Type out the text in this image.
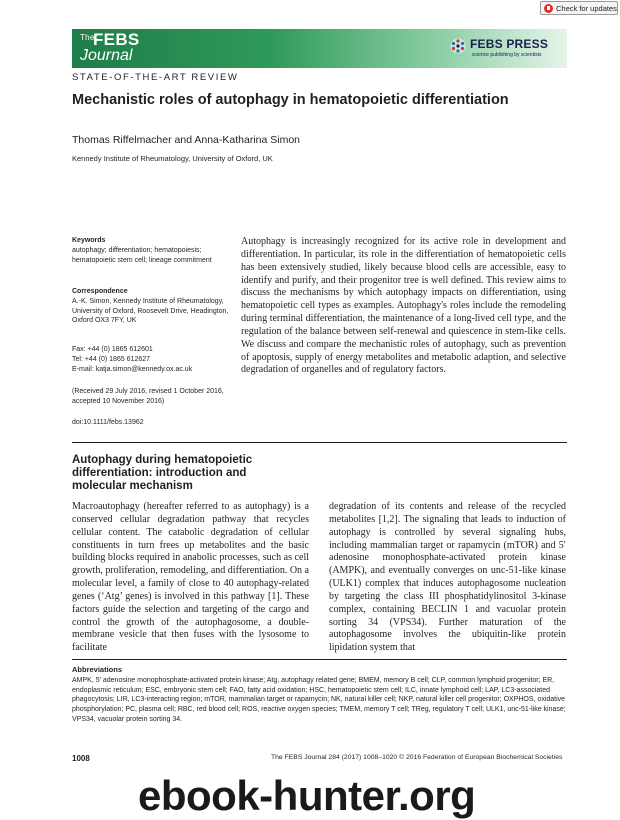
Check for updates
The
FEBS
Journal
FEBS PRESS
science publishing by scientists
STATE-OF-THE-ART REVIEW
Mechanistic roles of autophagy in hematopoietic differentiation
Thomas Riffelmacher and Anna-Katharina Simon
Kennedy Institute of Rheumatology, University of Oxford, UK
Keywords
autophagy; differentiation; hematopoiesis; hematopoietic stem cell; lineage commitment
Correspondence
A.-K. Simon, Kennedy Institute of Rheumatology, University of Oxford, Roosevelt Drive, Headington, Oxford OX3 7FY, UK
Fax: +44 (0) 1865 612601
Tel: +44 (0) 1865 612627
E-mail: katja.simon@kennedy.ox.ac.uk
(Received 29 July 2016, revised 1 October 2016, accepted 10 November 2016)
doi:10.1111/febs.13962
Autophagy is increasingly recognized for its active role in development and differentiation. In particular, its role in the differentiation of hematopoietic cells has been extensively studied, likely because blood cells are accessible, easy to identify and purify, and their progenitor tree is well defined. This review aims to discuss the mechanisms by which autophagy impacts on differentiation, using hematopoietic cell types as examples. Autophagy's roles include the remodeling during terminal differentiation, the maintenance of a long-lived cell type, and the regulation of the balance between self-renewal and quiescence in stem-like cells. We discuss and compare the mechanistic roles of autophagy, such as prevention of apoptosis, supply of energy metabolites and metabolic adaption, and selective degradation of organelles and of regulatory factors.
Autophagy during hematopoietic differentiation: introduction and molecular mechanism
Macroautophagy (hereafter referred to as autophagy) is a conserved cellular degradation pathway that recycles cellular content. The catabolic degradation of cellular constituents in turn frees up metabolites and the basic building blocks required in anabolic processes, such as cell growth, proliferation, remodeling, and differentiation. On a molecular level, a family of close to 40 autophagy-related genes (‘Atg’ genes) is involved in this pathway [1]. These factors guide the selection and targeting of the cargo and control the growth of the autophagosome, a double-membrane vesicle that then fuses with the lysosome to facilitate
degradation of its contents and release of the recycled metabolites [1,2]. The signaling that leads to induction of autophagy is controlled by several signaling hubs, including mammalian target or rapamycin (mTOR) and 5′ adenosine monophosphate-activated protein kinase (AMPK), and eventually converges on unc-51-like kinase (ULK1) complex that induces autophagosome nucleation by targeting the class III phosphatidylinositol 3-kinase complex, containing BECLIN 1 and vacuolar protein sorting 34 (VPS34). Further maturation of the autophagosome involves the ubiquitin-like protein lipidation system that
Abbreviations
AMPK, 5′ adenosine monophosphate-activated protein kinase; Atg, autophagy related gene; BMEM, memory B cell; CLP, common lymphoid progenitor; ER, endoplasmic reticulum; ESC, embryonic stem cell; FAO, fatty acid oxidation; HSC, hematopoietic stem cell; ILC, innate lymphoid cell; LAP, LC3-associated phagocytosis; LIR, LC3-interacting region; mTOR, mammalian target or rapamycin; NK, natural killer cell; NKP, natural killer cell progenitor; OXPHOS, oxidative phosphorylation; PC, plasma cell; RBC, red blood cell; ROS, reactive oxygen species; TMEM, memory T cell; TReg, regulatory T cell; ULK1, unc-51-like kinase; VPS34, vacuolar protein sorting 34.
1008	The FEBS Journal 284 (2017) 1008–1020 © 2016 Federation of European Biochemical Societies
ebook-hunter.org
